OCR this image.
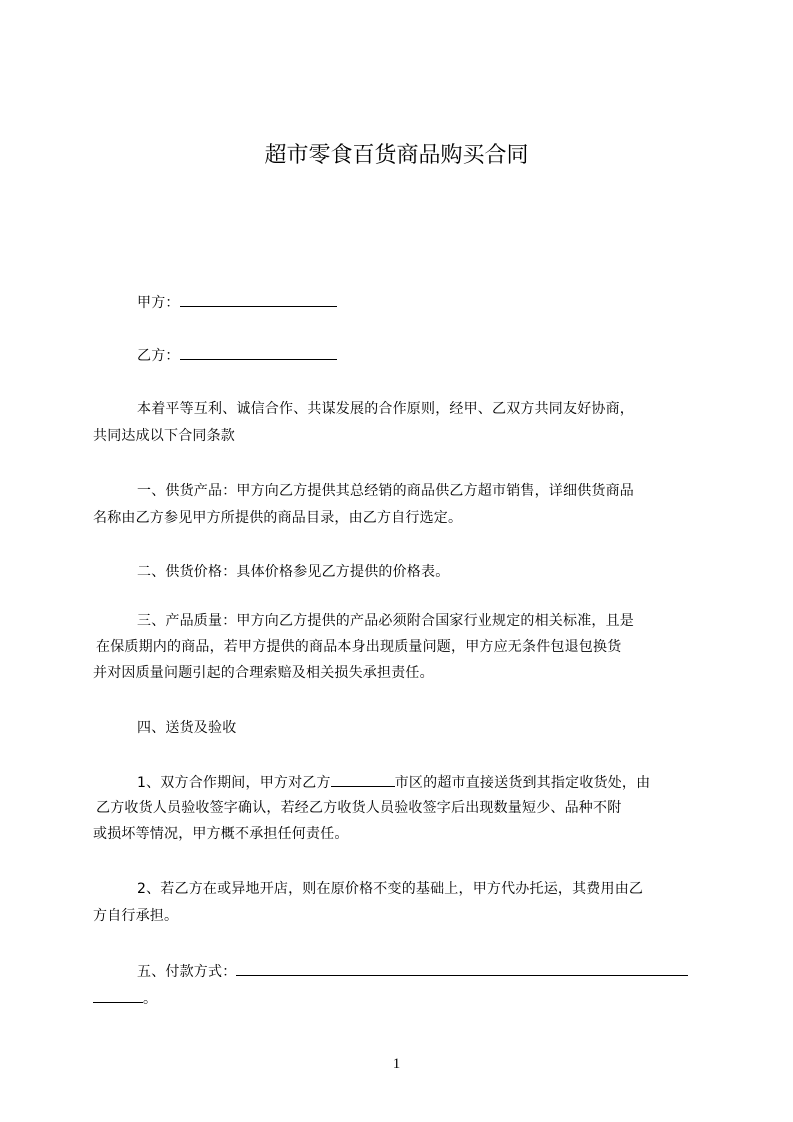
超市零食百货商品购买合同
甲方：
乙方：
本着平等互利、诚信合作、共谋发展的合作原则，经甲、乙双方共同友好协商，
共同达成以下合同条款
一、供货产品：甲方向乙方提供其总经销的商品供乙方超市销售，详细供货商品
名称由乙方参见甲方所提供的商品目录，由乙方自行选定。
二、供货价格：具体价格参见乙方提供的价格表。
三、产品质量：甲方向乙方提供的产品必须附合国家行业规定的相关标准，且是
在保质期内的商品，若甲方提供的商品本身出现质量问题，甲方应无条件包退包换货
并对因质量问题引起的合理索赔及相关损失承担责任。
四、送货及验收
1、双方合作期间，甲方对乙方	市区的超市直接送货到其指定收货处，由
乙方收货人员验收签字确认，若经乙方收货人员验收签字后出现数量短少、品种不附
或损坏等情况，甲方概不承担任何责任。
2、若乙方在或异地开店，则在原价格不变的基础上，甲方代办托运，其费用由乙
方自行承担。
五、付款方式：
。
1
